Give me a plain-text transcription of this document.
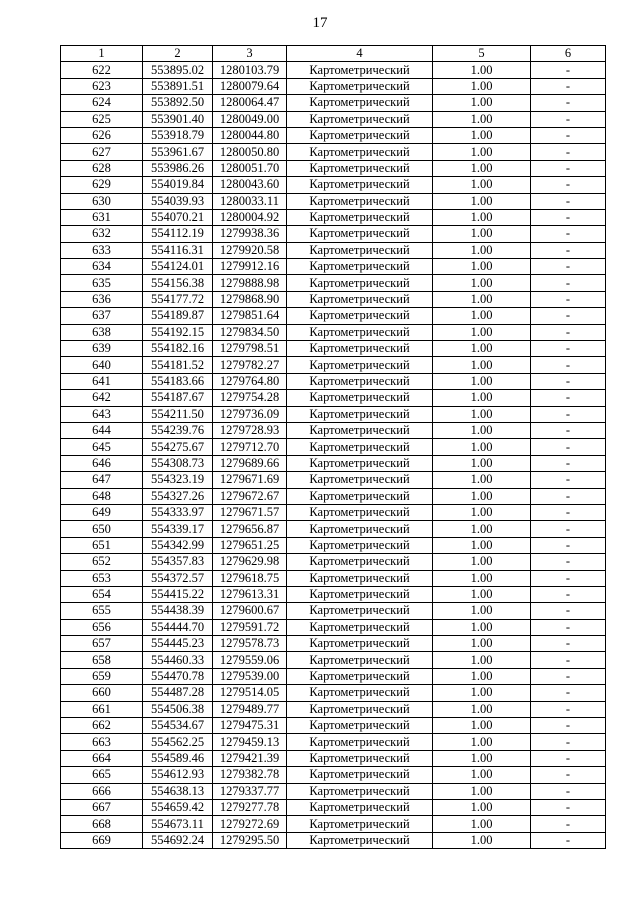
17
1	2	3	4	5	6
622	553895.02	1280103.79	Картометрический	1.00	-
623	553891.51	1280079.64	Картометрический	1.00	-
624	553892.50	1280064.47	Картометрический	1.00	-
625	553901.40	1280049.00	Картометрический	1.00	-
626	553918.79	1280044.80	Картометрический	1.00	-
627	553961.67	1280050.80	Картометрический	1.00	-
628	553986.26	1280051.70	Картометрический	1.00	-
629	554019.84	1280043.60	Картометрический	1.00	-
630	554039.93	1280033.11	Картометрический	1.00	-
631	554070.21	1280004.92	Картометрический	1.00	-
632	554112.19	1279938.36	Картометрический	1.00	-
633	554116.31	1279920.58	Картометрический	1.00	-
634	554124.01	1279912.16	Картометрический	1.00	-
635	554156.38	1279888.98	Картометрический	1.00	-
636	554177.72	1279868.90	Картометрический	1.00	-
637	554189.87	1279851.64	Картометрический	1.00	-
638	554192.15	1279834.50	Картометрический	1.00	-
639	554182.16	1279798.51	Картометрический	1.00	-
640	554181.52	1279782.27	Картометрический	1.00	-
641	554183.66	1279764.80	Картометрический	1.00	-
642	554187.67	1279754.28	Картометрический	1.00	-
643	554211.50	1279736.09	Картометрический	1.00	-
644	554239.76	1279728.93	Картометрический	1.00	-
645	554275.67	1279712.70	Картометрический	1.00	-
646	554308.73	1279689.66	Картометрический	1.00	-
647	554323.19	1279671.69	Картометрический	1.00	-
648	554327.26	1279672.67	Картометрический	1.00	-
649	554333.97	1279671.57	Картометрический	1.00	-
650	554339.17	1279656.87	Картометрический	1.00	-
651	554342.99	1279651.25	Картометрический	1.00	-
652	554357.83	1279629.98	Картометрический	1.00	-
653	554372.57	1279618.75	Картометрический	1.00	-
654	554415.22	1279613.31	Картометрический	1.00	-
655	554438.39	1279600.67	Картометрический	1.00	-
656	554444.70	1279591.72	Картометрический	1.00	-
657	554445.23	1279578.73	Картометрический	1.00	-
658	554460.33	1279559.06	Картометрический	1.00	-
659	554470.78	1279539.00	Картометрический	1.00	-
660	554487.28	1279514.05	Картометрический	1.00	-
661	554506.38	1279489.77	Картометрический	1.00	-
662	554534.67	1279475.31	Картометрический	1.00	-
663	554562.25	1279459.13	Картометрический	1.00	-
664	554589.46	1279421.39	Картометрический	1.00	-
665	554612.93	1279382.78	Картометрический	1.00	-
666	554638.13	1279337.77	Картометрический	1.00	-
667	554659.42	1279277.78	Картометрический	1.00	-
668	554673.11	1279272.69	Картометрический	1.00	-
669	554692.24	1279295.50	Картометрический	1.00	-
